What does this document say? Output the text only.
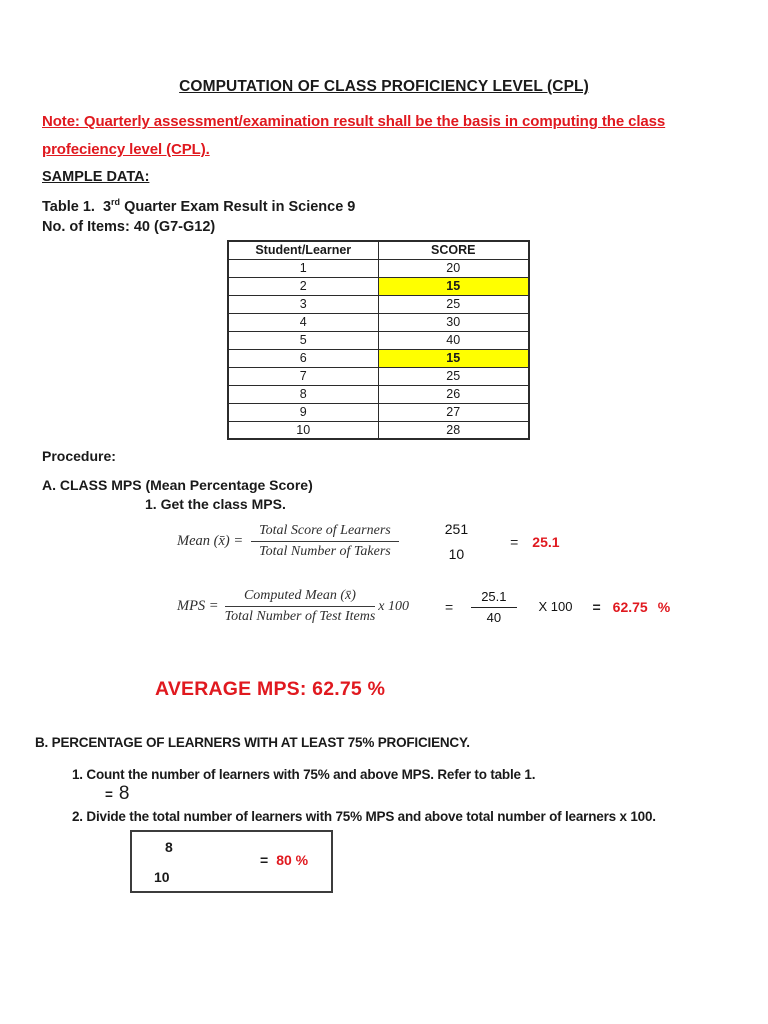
COMPUTATION OF CLASS PROFICIENCY LEVEL (CPL)
Note: Quarterly assessment/examination result shall be the basis in computing the class
profeciency level (CPL).
SAMPLE DATA:
Table 1.  3rd Quarter Exam Result in Science 9
No. of Items: 40 (G7-G12)
Student/Learner	SCORE
1	20
2	15
3	25
4	30
5	40
6	15
7	25
8	26
9	27
10	28
Procedure:
A. CLASS MPS (Mean Percentage Score)
1. Get the class MPS.
Mean (x̄) = $\frac{\text{Total Score of Learners}}{\text{Total Number of Takers}}$	251
10
= 25.1
MPS = $\frac{\text{Computed Mean (x̄)}}{\text{Total Number of Test Items}}$ x 100	= $\frac{25.1}{40}$ X 100 = 62.75 %
AVERAGE MPS: 62.75 %
B. PERCENTAGE OF LEARNERS WITH AT LEAST 75% PROFICIENCY.
1. Count the number of learners with 75% and above MPS. Refer to table 1.
= 8
2. Divide the total number of learners with 75% MPS and above total number of learners x 100.
8
10
= 80 %
